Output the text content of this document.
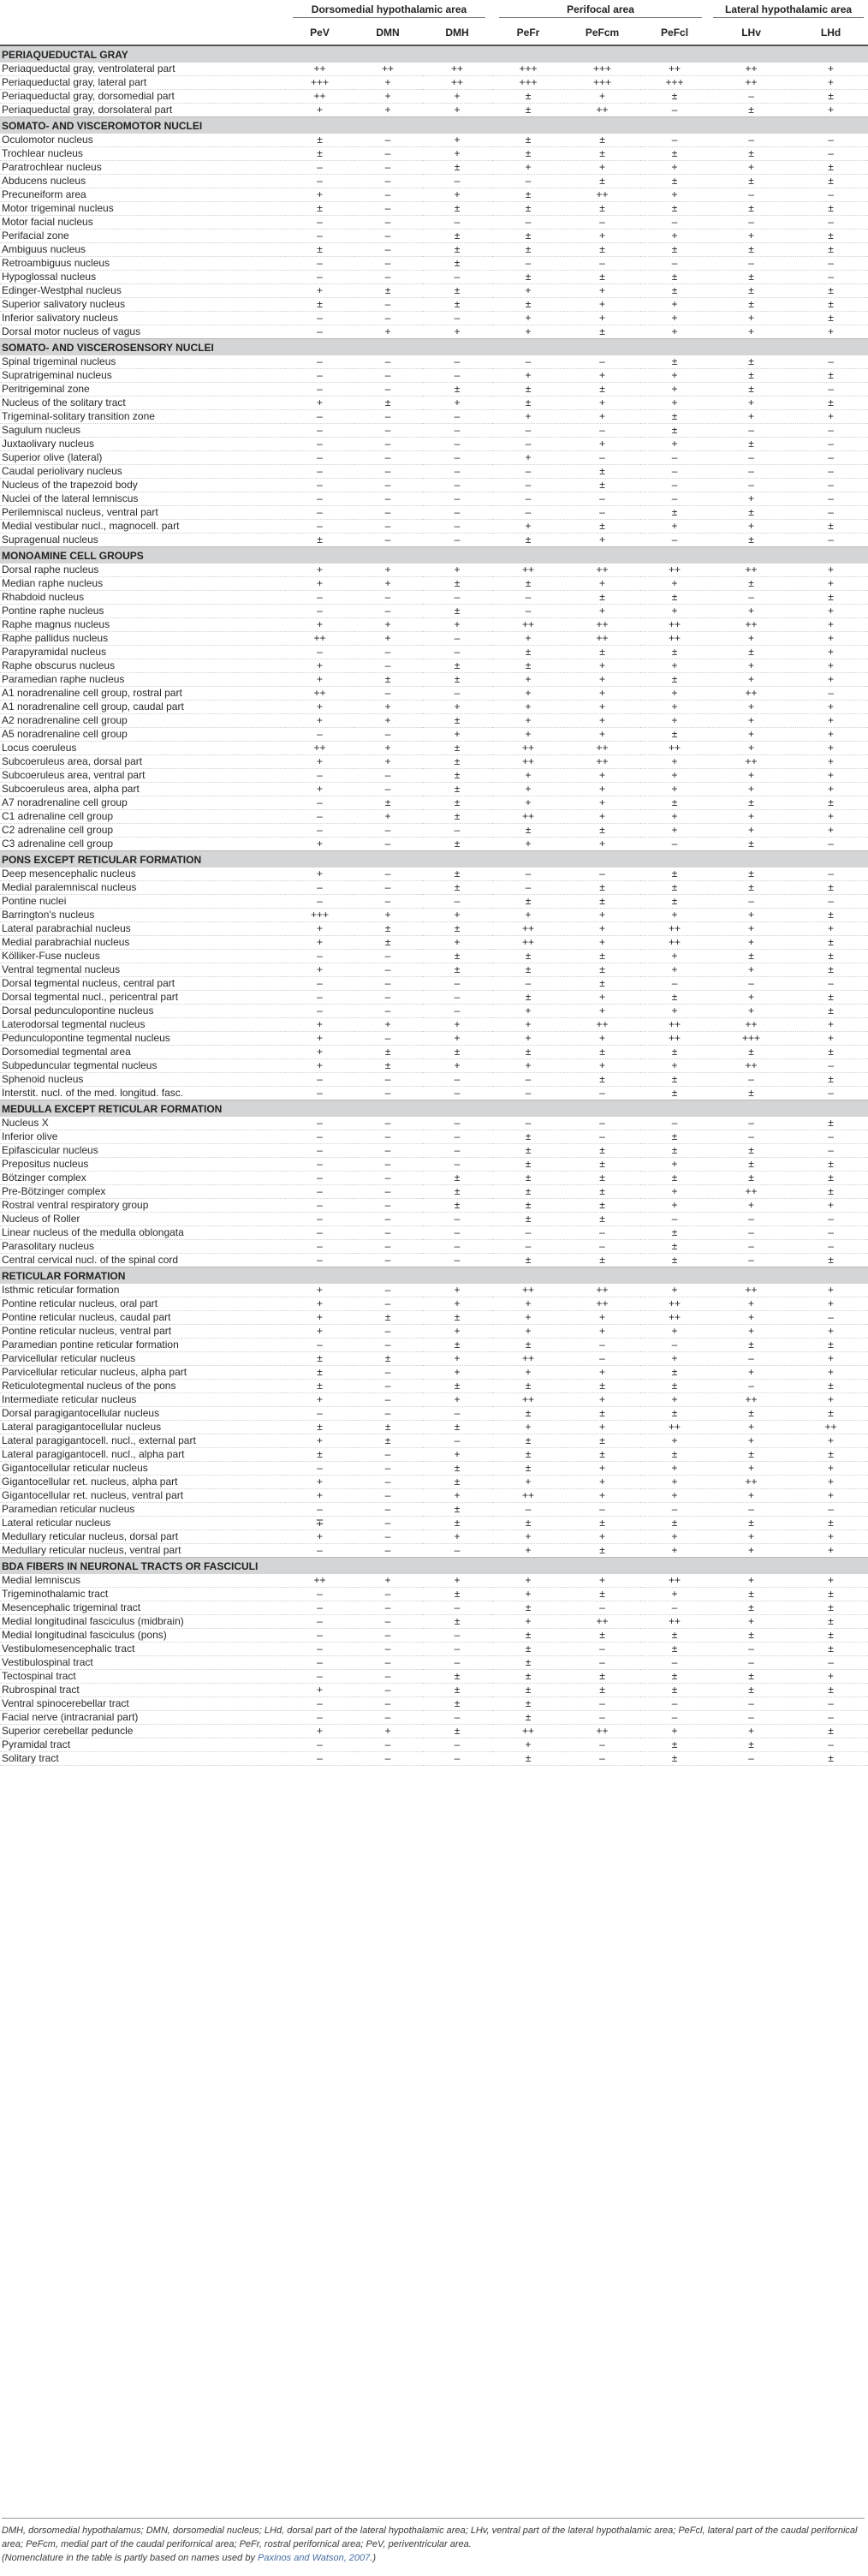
	Dorsomedial hypothalamic area			Perifocal area			Lateral hypothalamic area	
	PeV	DMN	DMH	PeFr	PeFcm	PeFcl	LHv	LHd
PERIAQUEDUCTAL GRAY								
Periaqueductal gray, ventrolateral part	++	++	++	+++	+++	++	++	+
Periaqueductal gray, lateral part	+++	+	++	+++	+++	+++	++	+
Periaqueductal gray, dorsomedial part	++	+	+	±	+	±	–	±
Periaqueductal gray, dorsolateral part	+	+	+	±	++	–	±	+
SOMATO- AND VISCEROMOTOR NUCLEI								
Oculomotor nucleus	±	–	+	±	±	–	–	–
Trochlear nucleus	±	–	+	±	±	±	±	–
Paratrochlear nucleus	–	–	±	+	+	+	+	±
Abducens nucleus	–	–	–	–	±	±	±	±
Precuneiform area	+	–	+	±	++	+	–	–
Motor trigeminal nucleus	±	–	±	±	±	±	±	±
Motor facial nucleus	–	–	–	–	–	–	–	–
Perifacial zone	–	–	±	±	+	+	+	±
Ambiguus nucleus	±	–	±	±	±	±	±	±
Retroambiguus nucleus	–	–	±	–	–	–	–	–
Hypoglossal nucleus	–	–	–	±	±	±	±	–
Edinger-Westphal nucleus	+	±	±	+	+	±	±	±
Superior salivatory nucleus	±	–	±	±	+	+	±	±
Inferior salivatory nucleus	–	–	–	+	+	+	+	±
Dorsal motor nucleus of vagus	–	+	+	+	±	+	+	+
SOMATO- AND VISCEROSENSORY NUCLEI								
Spinal trigeminal nucleus	–	–	–	–	–	±	±	–
Supratrigeminal nucleus	–	–	–	+	+	+	±	±
Peritrigeminal zone	–	–	±	±	±	+	±	–
Nucleus of the solitary tract	+	±	+	±	+	+	+	±
Trigeminal-solitary transition zone	–	–	–	+	+	±	+	+
Sagulum nucleus	–	–	–	–	–	±	–	–
Juxtaolivary nucleus	–	–	–	–	+	+	±	–
Superior olive (lateral)	–	–	–	+	–	–	–	–
Caudal periolivary nucleus	–	–	–	–	±	–	–	–
Nucleus of the trapezoid body	–	–	–	–	±	–	–	–
Nuclei of the lateral lemniscus	–	–	–	–	–	–	+	–
Perilemniscal nucleus, ventral part	–	–	–	–	–	±	±	–
Medial vestibular nucl., magnocell. part	–	–	–	+	±	+	+	±
Supragenual nucleus	±	–	–	±	+	–	±	–
MONOAMINE CELL GROUPS								
Dorsal raphe nucleus	+	+	+	++	++	++	++	+
Median raphe nucleus	+	+	±	±	+	+	±	+
Rhabdoid nucleus	–	–	–	–	±	±	–	±
Pontine raphe nucleus	–	–	±	–	+	+	+	+
Raphe magnus nucleus	+	+	+	++	++	++	++	+
Raphe pallidus nucleus	++	+	–	+	++	++	+	+
Parapyramidal nucleus	–	–	–	±	±	±	±	+
Raphe obscurus nucleus	+	–	±	±	+	+	+	+
Paramedian raphe nucleus	+	±	±	+	+	±	+	+
A1 noradrenaline cell group, rostral part	++	–	–	+	+	+	++	–
A1 noradrenaline cell group, caudal part	+	+	+	+	+	+	+	+
A2 noradrenaline cell group	+	+	±	+	+	+	+	+
A5 noradrenaline cell group	–	–	+	+	+	±	+	+
Locus coeruleus	++	+	±	++	++	++	+	+
Subcoeruleus area, dorsal part	+	+	±	++	++	+	++	+
Subcoeruleus area, ventral part	–	–	±	+	+	+	+	+
Subcoeruleus area, alpha part	+	–	±	+	+	+	+	+
A7 noradrenaline cell group	–	±	±	+	+	±	±	±
C1 adrenaline cell group	–	+	±	++	+	+	+	+
C2 adrenaline cell group	–	–	–	±	±	+	+	+
C3 adrenaline cell group	+	–	±	+	+	–	±	–
PONS EXCEPT RETICULAR FORMATION								
Deep mesencephalic nucleus	+	–	±	–	–	±	±	–
Medial paralemniscal nucleus	–	–	±	–	±	±	±	±
Pontine nuclei	–	–	–	±	±	±	–	–
Barrington's nucleus	+++	+	+	+	+	+	+	±
Lateral parabrachial nucleus	+	±	±	++	+	++	+	+
Medial parabrachial nucleus	+	±	+	++	+	++	+	±
Kölliker-Fuse nucleus	–	–	±	±	±	+	±	±
Ventral tegmental nucleus	+	–	±	±	±	+	+	±
Dorsal tegmental nucleus, central part	–	–	–	–	±	–	–	–
Dorsal tegmental nucl., pericentral part	–	–	–	±	+	±	+	±
Dorsal pedunculopontine nucleus	–	–	–	+	+	+	+	±
Laterodorsal tegmental nucleus	+	+	+	+	++	++	++	+
Pedunculopontine tegmental nucleus	+	–	+	+	+	++	+++	+
Dorsomedial tegmental area	+	±	±	±	±	±	±	±
Subpeduncular tegmental nucleus	+	±	+	+	+	+	++	–
Sphenoid nucleus	–	–	–	–	±	±	–	±
Interstit. nucl. of the med. longitud. fasc.	–	–	–	–	–	±	±	–
MEDULLA EXCEPT RETICULAR FORMATION								
Nucleus X	–	–	–	–	–	–	–	±
Inferior olive	–	–	–	±	–	±	–	–
Epifascicular nucleus	–	–	–	±	±	±	±	–
Prepositus nucleus	–	–	–	±	±	+	±	±
Bötzinger complex	–	–	±	±	±	±	±	±
Pre-Bötzinger complex	–	–	±	±	±	+	++	±
Rostral ventral respiratory group	–	–	±	±	±	+	+	+
Nucleus of Roller	–	–	–	±	±	–	–	–
Linear nucleus of the medulla oblongata	–	–	–	–	–	±	–	–
Parasolitary nucleus	–	–	–	–	–	±	–	–
Central cervical nucl. of the spinal cord	–	–	–	±	±	±	–	±
RETICULAR FORMATION								
Isthmic reticular formation	+	–	+	++	++	+	++	+
Pontine reticular nucleus, oral part	+	–	+	+	++	++	+	+
Pontine reticular nucleus, caudal part	+	±	±	+	+	++	+	–
Pontine reticular nucleus, ventral part	+	–	+	+	+	+	+	+
Paramedian pontine reticular formation	–	–	±	±	–	–	±	±
Parvicellular reticular nucleus	±	±	+	++	–	+	–	+
Parvicellular reticular nucleus, alpha part	±	–	+	+	+	±	+	+
Reticulotegmental nucleus of the pons	±	–	±	±	±	±	–	±
Intermediate reticular nucleus	+	–	+	++	+	+	++	+
Dorsal paragigantocellular nucleus	–	–	–	±	±	±	±	±
Lateral paragigantocellular nucleus	±	±	±	+	+	++	+	++
Lateral paragigantocell. nucl., external part	+	±	–	±	±	+	+	+
Lateral paragigantocell. nucl., alpha part	±	–	+	±	±	±	±	±
Gigantocellular reticular nucleus	–	–	±	±	+	+	+	+
Gigantocellular ret. nucleus, alpha part	+	–	±	+	+	+	++	+
Gigantocellular ret. nucleus, ventral part	+	–	+	++	+	+	+	+
Paramedian reticular nucleus	–	–	±	–	–	–	–	–
Lateral reticular nucleus	∓	–	±	±	±	±	±	±
Medullary reticular nucleus, dorsal part	+	–	+	+	+	+	+	+
Medullary reticular nucleus, ventral part	–	–	–	+	±	+	+	+
BDA FIBERS IN NEURONAL TRACTS OR FASCICULI								
Medial lemniscus	++	+	+	+	+	++	+	+
Trigeminothalamic tract	–	–	±	+	±	+	±	±
Mesencephalic trigeminal tract	–	–	–	±	–	–	±	±
Medial longitudinal fasciculus (midbrain)	–	–	±	+	++	++	+	±
Medial longitudinal fasciculus (pons)	–	–	–	±	±	±	±	±
Vestibulomesencephalic tract	–	–	–	±	–	±	–	±
Vestibulospinal tract	–	–	–	±	–	–	–	–
Tectospinal tract	–	–	±	±	±	±	±	+
Rubrospinal tract	+	–	±	±	±	±	±	±
Ventral spinocerebellar tract	–	–	±	±	–	–	–	–
Facial nerve (intracranial part)	–	–	–	±	–	–	–	–
Superior cerebellar peduncle	+	+	±	++	++	+	+	±
Pyramidal tract	–	–	–	+	–	±	±	–
Solitary tract	–	–	–	±	–	±	–	±
DMH, dorsomedial hypothalamus; DMN, dorsomedial nucleus; LHd, dorsal part of the lateral hypothalamic area; LHv, ventral part of the lateral hypothalamic area; PeFcl, lateral part of the caudal perifornical area; PeFcm, medial part of the caudal perifornical area; PeFr, rostral perifornical area; PeV, periventricular area.
(Nomenclature in the table is partly based on names used by Paxinos and Watson, 2007.)
